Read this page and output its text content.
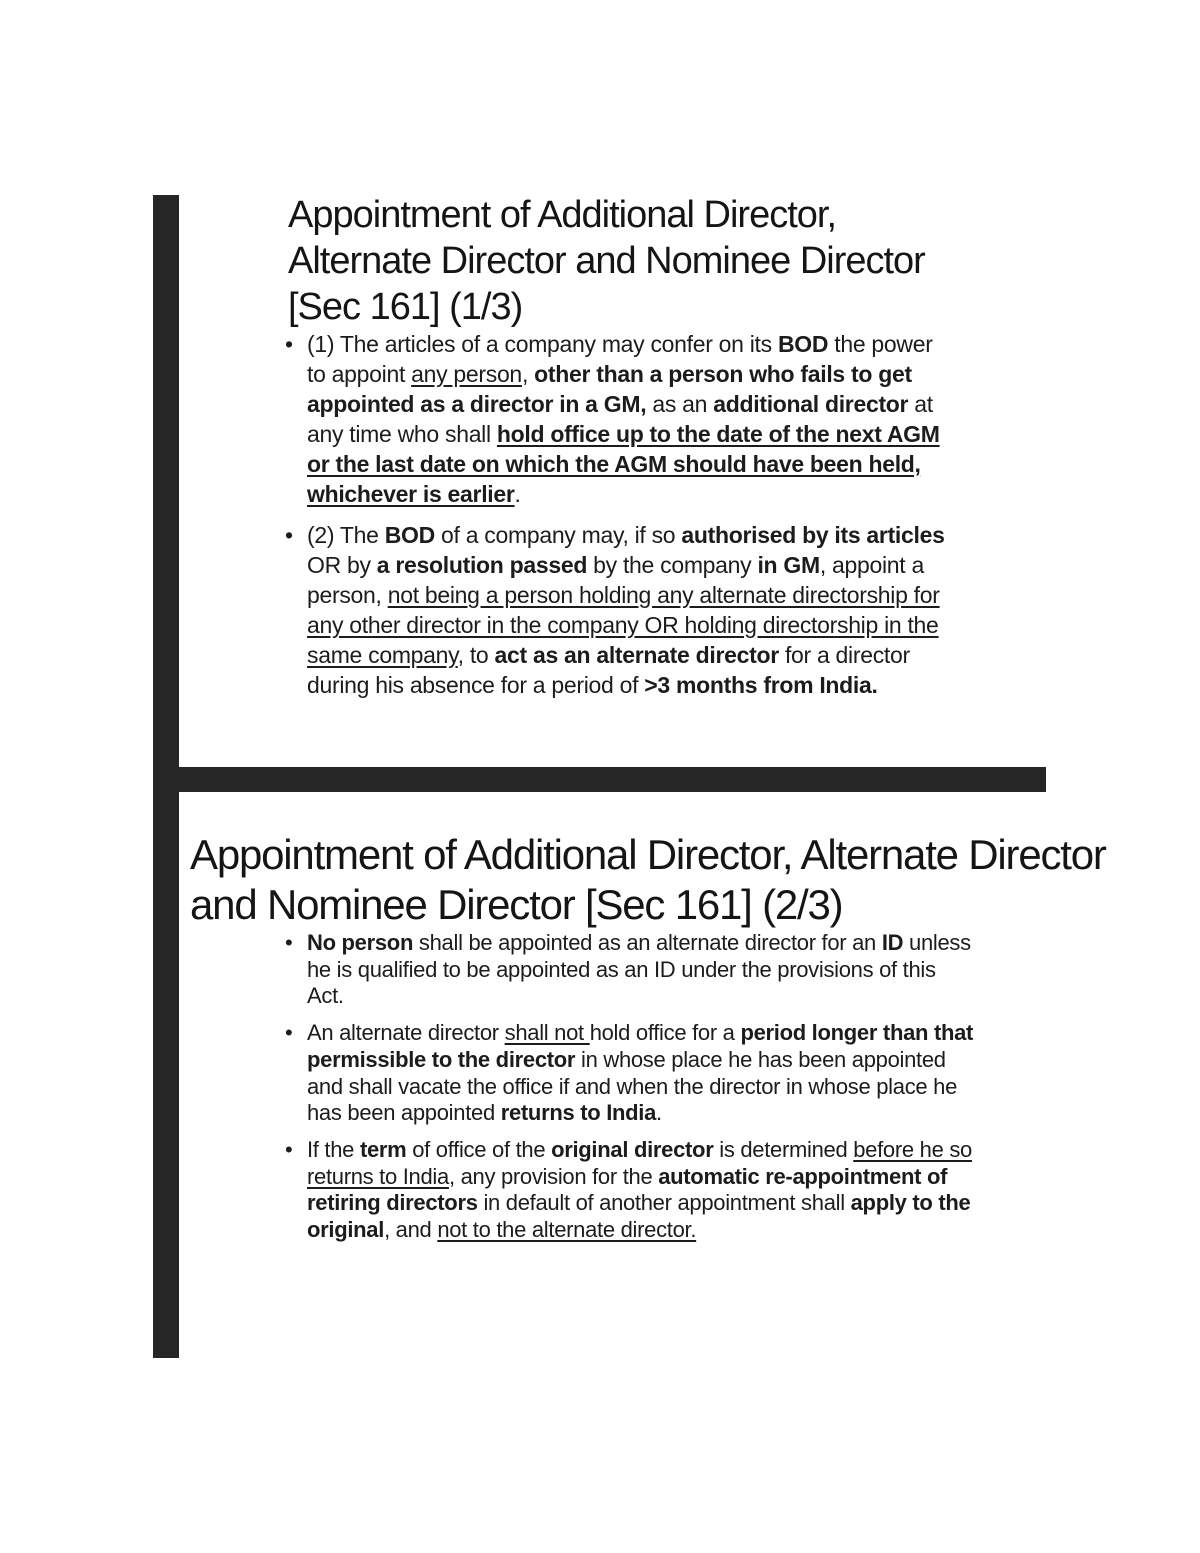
Appointment of Additional Director, Alternate Director and Nominee Director [Sec 161] (1/3)
• (1) The articles of a company may confer on its BOD the power to appoint any person, other than a person who fails to get appointed as a director in a GM, as an additional director at any time who shall hold office up to the date of the next AGM or the last date on which the AGM should have been held, whichever is earlier.
• (2) The BOD of a company may, if so authorised by its articles OR by a resolution passed by the company in GM, appoint a person, not being a person holding any alternate directorship for any other director in the company OR holding directorship in the same company, to act as an alternate director for a director during his absence for a period of >3 months from India.
Appointment of Additional Director, Alternate Director and Nominee Director [Sec 161] (2/3)
• No person shall be appointed as an alternate director for an ID unless he is qualified to be appointed as an ID under the provisions of this Act.
• An alternate director shall not hold office for a period longer than that permissible to the director in whose place he has been appointed and shall vacate the office if and when the director in whose place he has been appointed returns to India.
• If the term of office of the original director is determined before he so returns to India, any provision for the automatic re-appointment of retiring directors in default of another appointment shall apply to the original, and not to the alternate director.
